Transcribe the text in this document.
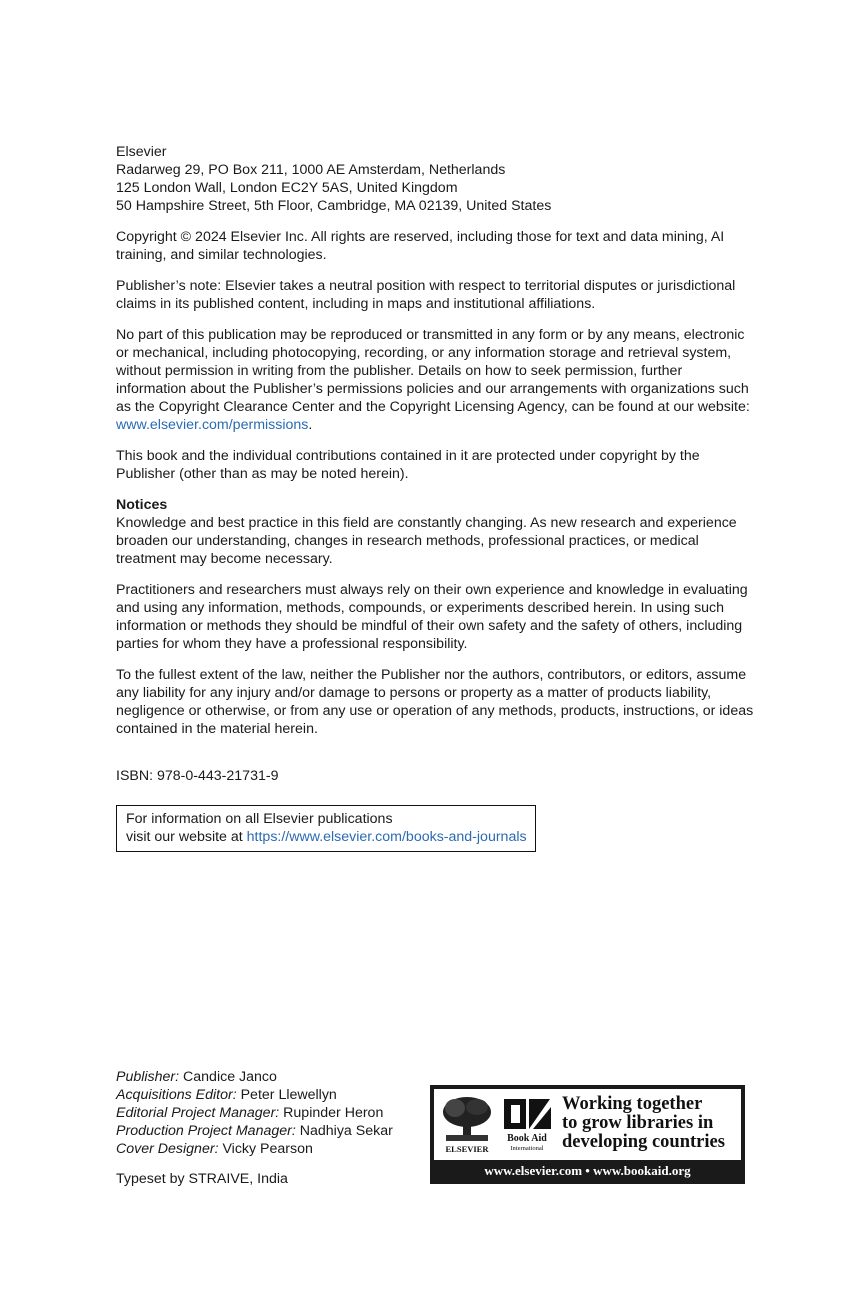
Elsevier

Radarweg 29, PO Box 211, 1000 AE Amsterdam, Netherlands

125 London Wall, London EC2Y 5AS, United Kingdom

50 Hampshire Street, 5th Floor, Cambridge, MA 02139, United States

Copyright © 2024 Elsevier Inc. All rights are reserved, including those for text and data mining, AI training, and similar technologies.

Publisher’s note: Elsevier takes a neutral position with respect to territorial disputes or jurisdictional claims in its published content, including in maps and institutional affiliations.

No part of this publication may be reproduced or transmitted in any form or by any means, electronic or mechanical, including photocopying, recording, or any information storage and retrieval system, without permission in writing from the publisher. Details on how to seek permission, further information about the Publisher’s permissions policies and our arrangements with organizations such as the Copyright Clearance Center and the Copyright Licensing Agency, can be found at our website: www.elsevier.com/permissions.

This book and the individual contributions contained in it are protected under copyright by the Publisher (other than as may be noted herein).

Notices

Knowledge and best practice in this field are constantly changing. As new research and experience broaden our understanding, changes in research methods, professional practices, or medical treatment may become necessary.

Practitioners and researchers must always rely on their own experience and knowledge in evaluating and using any information, methods, compounds, or experiments described herein. In using such information or methods they should be mindful of their own safety and the safety of others, including parties for whom they have a professional responsibility.

To the fullest extent of the law, neither the Publisher nor the authors, contributors, or editors, assume any liability for any injury and/or damage to persons or property as a matter of products liability, negligence or otherwise, or from any use or operation of any methods, products, instructions, or ideas contained in the material herein.

ISBN: 978-0-443-21731-9
For information on all Elsevier publications
visit our website at https://www.elsevier.com/books-and-journals
Publisher: Candice Janco
Acquisitions Editor: Peter Llewellyn
Editorial Project Manager: Rupinder Heron
Production Project Manager: Nadhiya Sekar
Cover Designer: Vicky Pearson
Typeset by STRAIVE, India
ELSEVIER
Book Aid
International
Working together
to grow libraries in
developing countries
www.elsevier.com • www.bookaid.org
